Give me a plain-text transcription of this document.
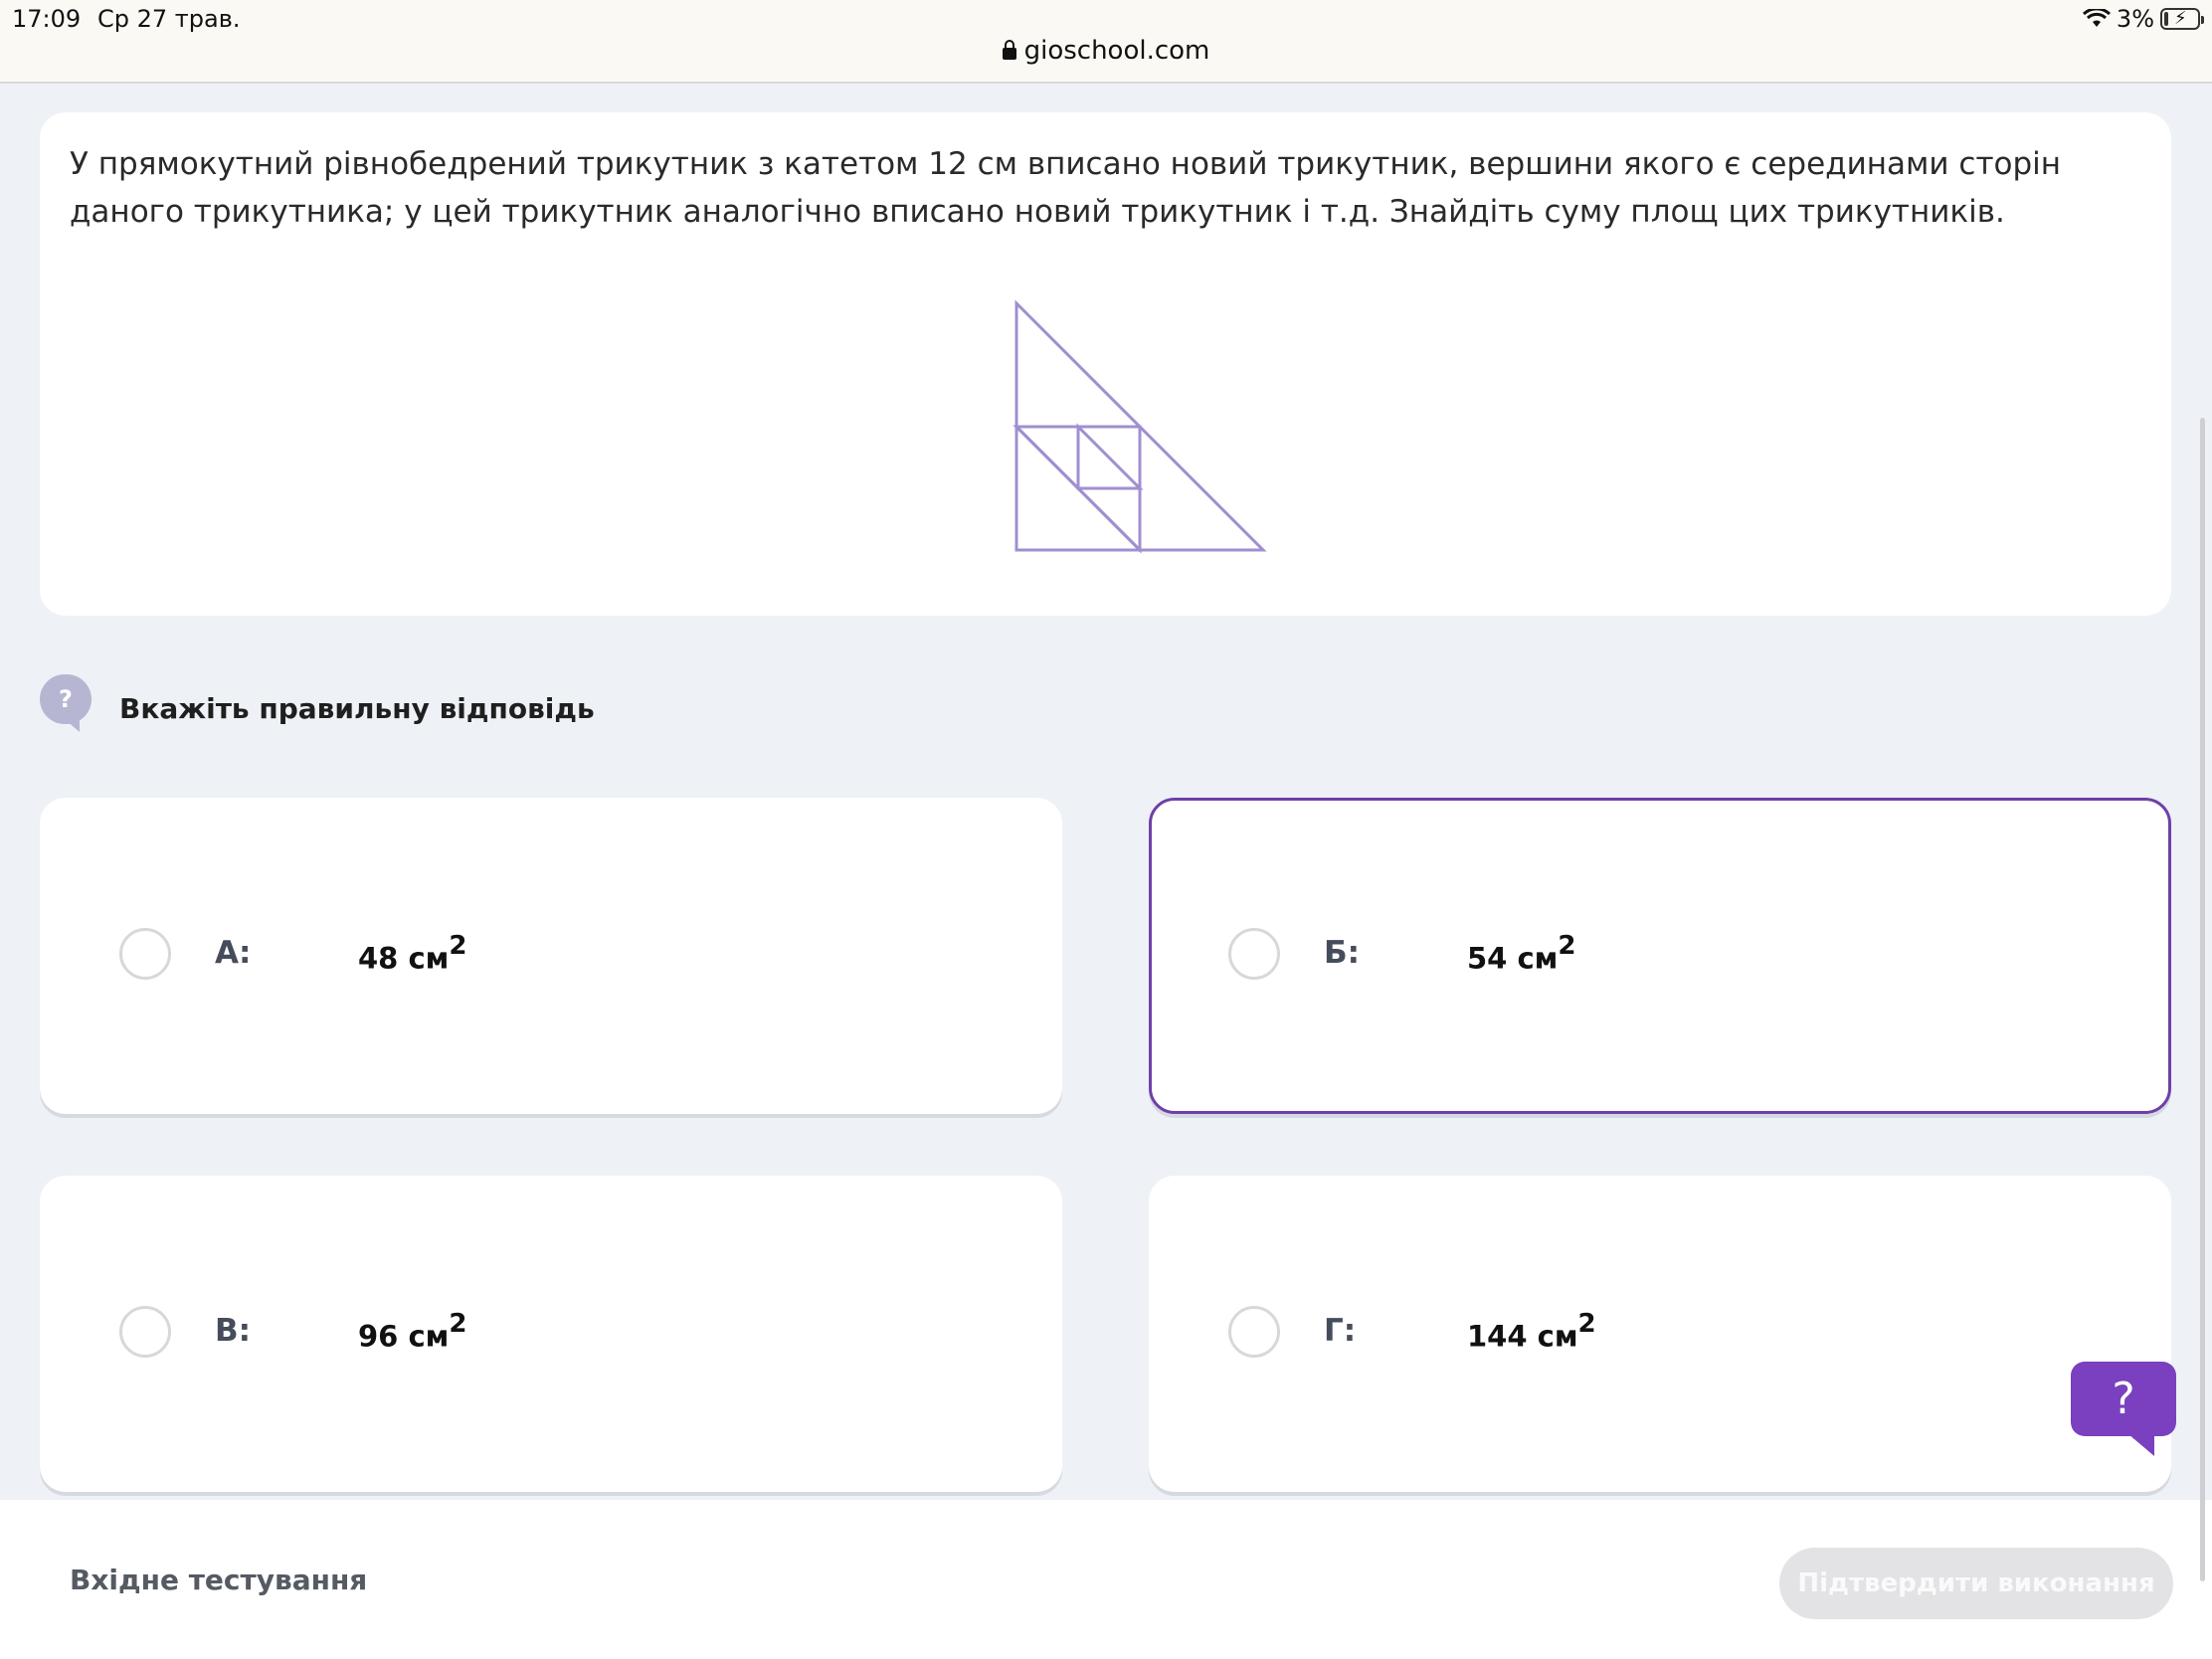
17:09 Ср 27 трав.	3% ⚡
gioschool.com
У прямокутний рівнобедрений трикутник з катетом 12 см вписано новий трикутник, вершини якого є серединами сторін даного трикутника; у цей трикутник аналогічно вписано новий трикутник і т.д. Знайдіть суму площ цих трикутників.
?	Вкажіть правильну відповідь
А:	48 $см^2$	Б:	54 $см^2$
В:	96 $см^2$	Г:	144 $см^2$
?
Вхідне тестування	Підтвердити виконання
